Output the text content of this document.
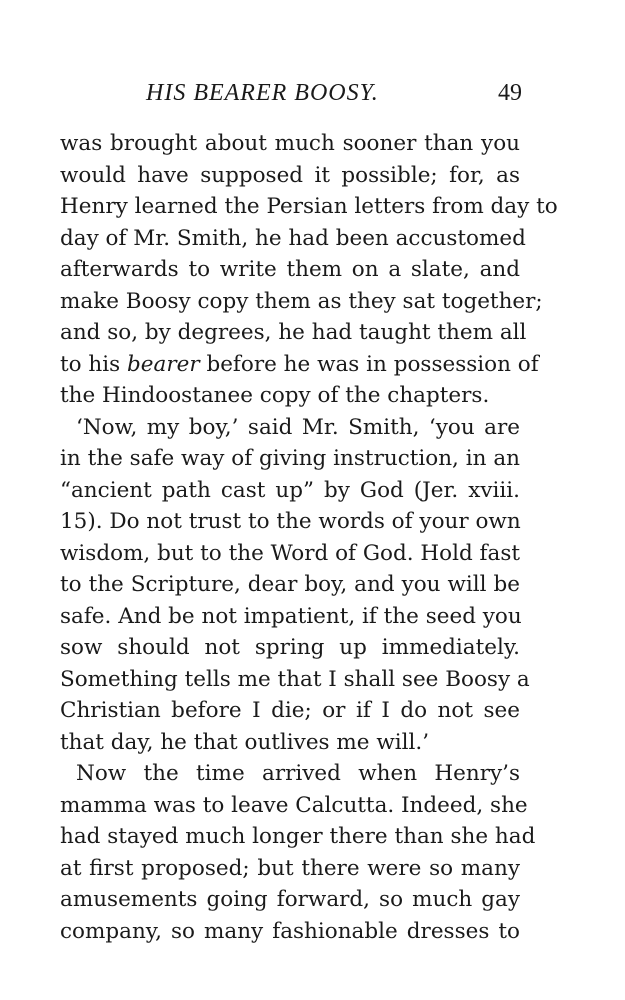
HIS BEARER BOOSY.	49
was brought about much sooner than you
would have supposed it possible; for, as
Henry learned the Persian letters from day to
day of Mr. Smith, he had been accustomed
afterwards to write them on a slate, and
make Boosy copy them as they sat together;
and so, by degrees, he had taught them all
to his bearer before he was in possession of
the Hindoostanee copy of the chapters.
‘Now, my boy,’ said Mr. Smith, ‘you are
in the safe way of giving instruction, in an
“ancient path cast up” by God (Jer. xviii.
15). Do not trust to the words of your own
wisdom, but to the Word of God. Hold fast
to the Scripture, dear boy, and you will be
safe. And be not impatient, if the seed you
sow should not spring up immediately.
Something tells me that I shall see Boosy a
Christian before I die; or if I do not see
that day, he that outlives me will.’
Now the time arrived when Henry’s
mamma was to leave Calcutta. Indeed, she
had stayed much longer there than she had
at first proposed; but there were so many
amusements going forward, so much gay
company, so many fashionable dresses to
